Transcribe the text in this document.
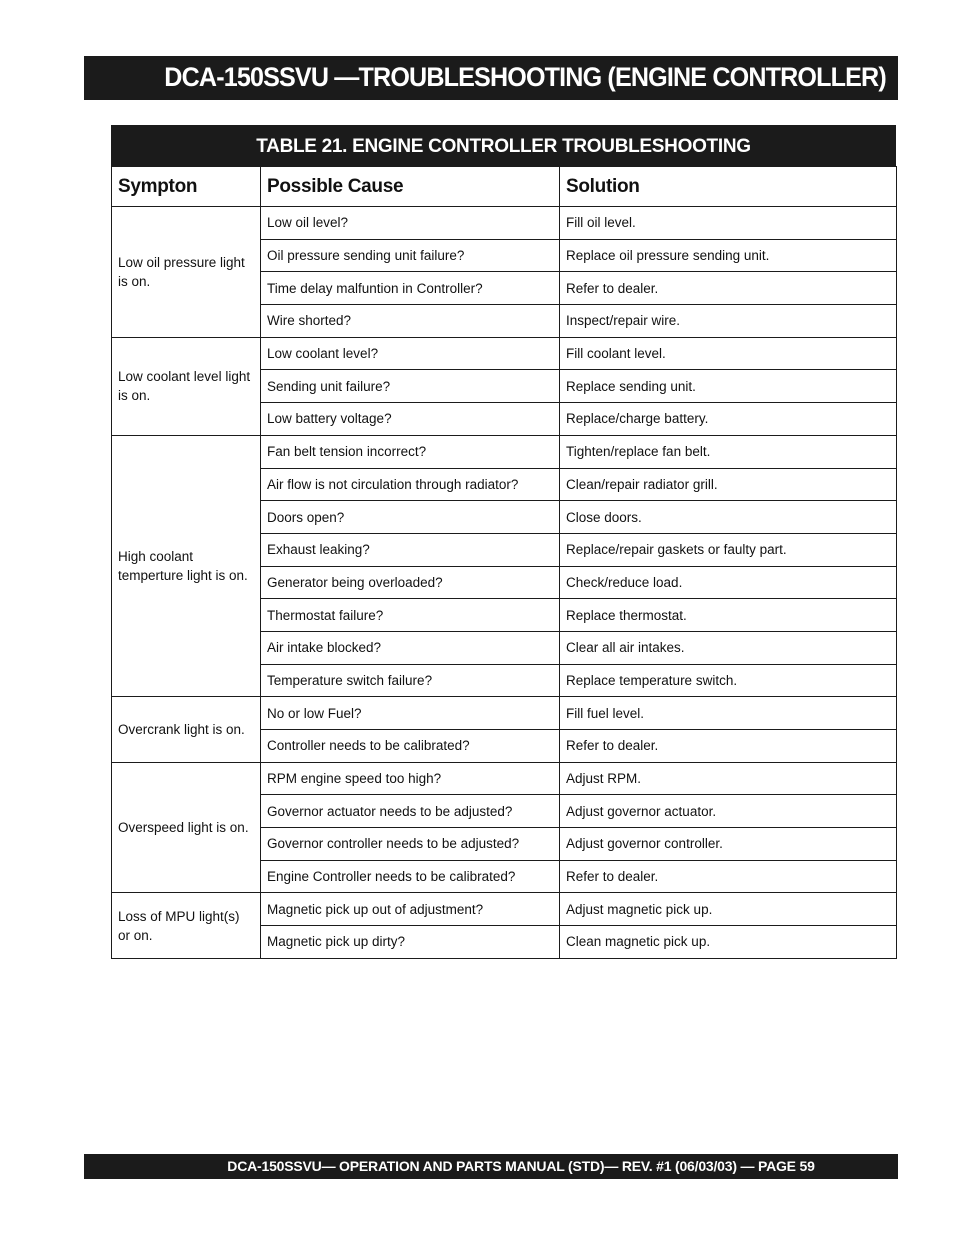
DCA-150SSVU —TROUBLESHOOTING (ENGINE CONTROLLER)
TABLE 21. ENGINE CONTROLLER TROUBLESHOOTING
Sympton	Possible Cause	Solution
Low oil pressure light is on.	Low oil level?	Fill oil level.
	Oil pressure sending unit failure?	Replace oil pressure sending unit.
	Time delay malfuntion in Controller?	Refer to dealer.
	Wire shorted?	Inspect/repair wire.
Low coolant level light is on.	Low coolant level?	Fill coolant level.
	Sending unit failure?	Replace sending unit.
	Low battery voltage?	Replace/charge battery.
High coolant temperture light is on.	Fan belt tension incorrect?	Tighten/replace fan belt.
	Air flow is not circulation through radiator?	Clean/repair radiator grill.
	Doors open?	Close doors.
	Exhaust leaking?	Replace/repair gaskets or faulty part.
	Generator being overloaded?	Check/reduce load.
	Thermostat failure?	Replace thermostat.
	Air intake blocked?	Clear all air intakes.
	Temperature switch failure?	Replace temperature switch.
Overcrank light is on.	No or low Fuel?	Fill fuel level.
	Controller needs to be calibrated?	Refer to dealer.
Overspeed light is on.	RPM engine speed too high?	Adjust RPM.
	Governor actuator needs to be adjusted?	Adjust governor actuator.
	Governor controller needs to be adjusted?	Adjust governor controller.
	Engine Controller needs to be calibrated?	Refer to dealer.
Loss of MPU light(s) or on.	Magnetic pick up out of adjustment?	Adjust magnetic pick up.
	Magnetic pick up dirty?	Clean magnetic pick up.
DCA-150SSVU— OPERATION AND PARTS MANUAL (STD)— REV. #1 (06/03/03) — PAGE 59
